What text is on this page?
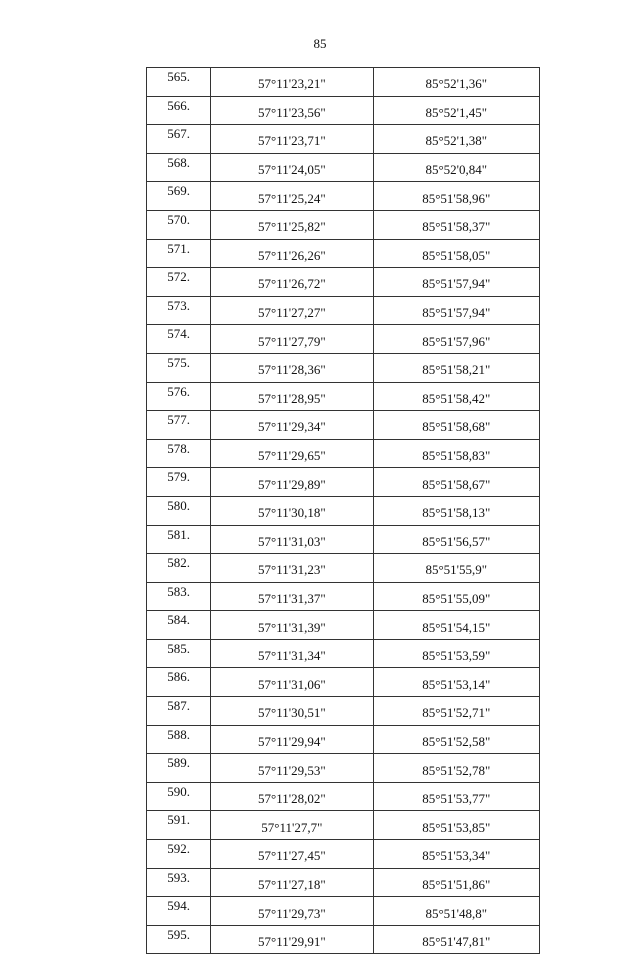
85
565.	57°11'23,21"	85°52'1,36"
566.	57°11'23,56"	85°52'1,45"
567.	57°11'23,71"	85°52'1,38"
568.	57°11'24,05"	85°52'0,84"
569.	57°11'25,24"	85°51'58,96"
570.	57°11'25,82"	85°51'58,37"
571.	57°11'26,26"	85°51'58,05"
572.	57°11'26,72"	85°51'57,94"
573.	57°11'27,27"	85°51'57,94"
574.	57°11'27,79"	85°51'57,96"
575.	57°11'28,36"	85°51'58,21"
576.	57°11'28,95"	85°51'58,42"
577.	57°11'29,34"	85°51'58,68"
578.	57°11'29,65"	85°51'58,83"
579.	57°11'29,89"	85°51'58,67"
580.	57°11'30,18"	85°51'58,13"
581.	57°11'31,03"	85°51'56,57"
582.	57°11'31,23"	85°51'55,9"
583.	57°11'31,37"	85°51'55,09"
584.	57°11'31,39"	85°51'54,15"
585.	57°11'31,34"	85°51'53,59"
586.	57°11'31,06"	85°51'53,14"
587.	57°11'30,51"	85°51'52,71"
588.	57°11'29,94"	85°51'52,58"
589.	57°11'29,53"	85°51'52,78"
590.	57°11'28,02"	85°51'53,77"
591.	57°11'27,7"	85°51'53,85"
592.	57°11'27,45"	85°51'53,34"
593.	57°11'27,18"	85°51'51,86"
594.	57°11'29,73"	85°51'48,8"
595.	57°11'29,91"	85°51'47,81"
